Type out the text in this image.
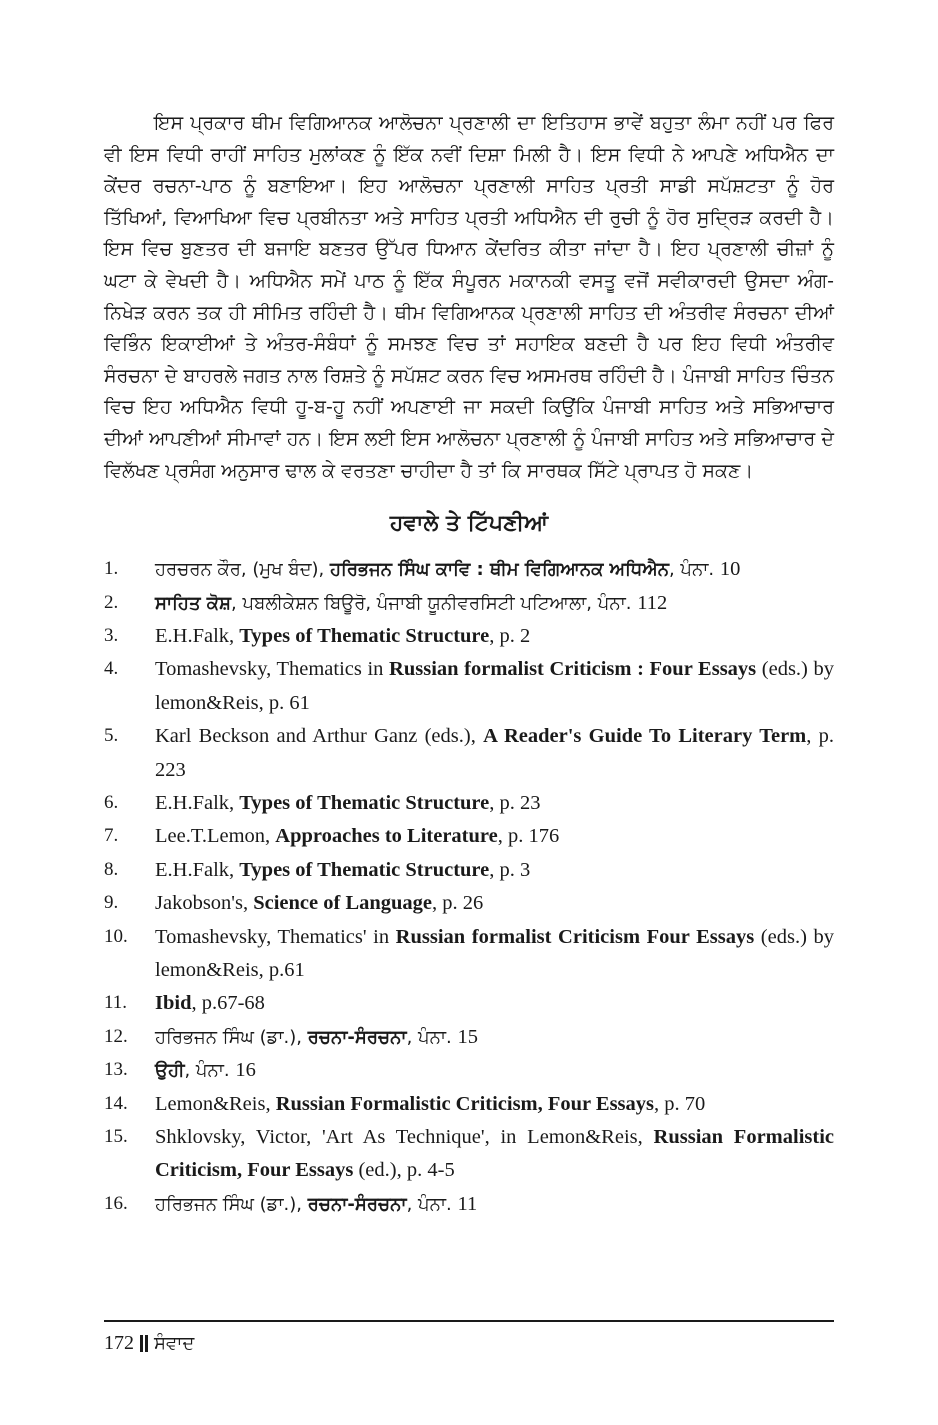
ਇਸ ਪ੍ਰਕਾਰ ਥੀਮ ਵਿਗਿਆਨਕ ਆਲੋਚਨਾ ਪ੍ਰਣਾਲੀ ਦਾ ਇਤਿਹਾਸ ਭਾਵੇਂ ਬਹੁਤਾ ਲੰਮਾ ਨਹੀਂ ਪਰ ਫਿਰ ਵੀ ਇਸ ਵਿਧੀ ਰਾਹੀਂ ਸਾਹਿਤ ਮੁਲਾਂਕਣ ਨੂੰ ਇੱਕ ਨਵੀਂ ਦਿਸ਼ਾ ਮਿਲੀ ਹੈ। ਇਸ ਵਿਧੀ ਨੇ ਆਪਣੇ ਅਧਿਐਨ ਦਾ ਕੇਂਦਰ ਰਚਨਾ-ਪਾਠ ਨੂੰ ਬਣਾਇਆ। ਇਹ ਆਲੋਚਨਾ ਪ੍ਰਣਾਲੀ ਸਾਹਿਤ ਪ੍ਰਤੀ ਸਾਡੀ ਸਪੱਸ਼ਟਤਾ ਨੂੰ ਹੋਰ ਤਿੱਖਿਆਂ, ਵਿਆਖਿਆ ਵਿਚ ਪ੍ਰਬੀਨਤਾ ਅਤੇ ਸਾਹਿਤ ਪ੍ਰਤੀ ਅਧਿਐਨ ਦੀ ਰੁਚੀ ਨੂੰ ਹੋਰ ਸੁਦ੍ਰਿੜ ਕਰਦੀ ਹੈ। ਇਸ ਵਿਚ ਬੁਣਤਰ ਦੀ ਬਜਾਇ ਬਣਤਰ ਉੱਪਰ ਧਿਆਨ ਕੇਂਦਰਿਤ ਕੀਤਾ ਜਾਂਦਾ ਹੈ। ਇਹ ਪ੍ਰਣਾਲੀ ਚੀਜ਼ਾਂ ਨੂੰ ਘਟਾ ਕੇ ਵੇਖਦੀ ਹੈ। ਅਧਿਐਨ ਸਮੇਂ ਪਾਠ ਨੂੰ ਇੱਕ ਸੰਪੂਰਨ ਮਕਾਨਕੀ ਵਸਤੂ ਵਜੋਂ ਸਵੀਕਾਰਦੀ ਉਸਦਾ ਅੰਗ-ਨਿਖੇੜ ਕਰਨ ਤਕ ਹੀ ਸੀਮਿਤ ਰਹਿੰਦੀ ਹੈ। ਥੀਮ ਵਿਗਿਆਨਕ ਪ੍ਰਣਾਲੀ ਸਾਹਿਤ ਦੀ ਅੰਤਰੀਵ ਸੰਰਚਨਾ ਦੀਆਂ ਵਿਭਿੰਨ ਇਕਾਈਆਂ ਤੇ ਅੰਤਰ-ਸੰਬੰਧਾਂ ਨੂੰ ਸਮਝਣ ਵਿਚ ਤਾਂ ਸਹਾਇਕ ਬਣਦੀ ਹੈ ਪਰ ਇਹ ਵਿਧੀ ਅੰਤਰੀਵ ਸੰਰਚਨਾ ਦੇ ਬਾਹਰਲੇ ਜਗਤ ਨਾਲ ਰਿਸ਼ਤੇ ਨੂੰ ਸਪੱਸ਼ਟ ਕਰਨ ਵਿਚ ਅਸਮਰਥ ਰਹਿੰਦੀ ਹੈ। ਪੰਜਾਬੀ ਸਾਹਿਤ ਚਿੰਤਨ ਵਿਚ ਇਹ ਅਧਿਐਨ ਵਿਧੀ ਹੂ-ਬ-ਹੂ ਨਹੀਂ ਅਪਣਾਈ ਜਾ ਸਕਦੀ ਕਿਉਂਕਿ ਪੰਜਾਬੀ ਸਾਹਿਤ ਅਤੇ ਸਭਿਆਚਾਰ ਦੀਆਂ ਆਪਣੀਆਂ ਸੀਮਾਵਾਂ ਹਨ। ਇਸ ਲਈ ਇਸ ਆਲੋਚਨਾ ਪ੍ਰਣਾਲੀ ਨੂੰ ਪੰਜਾਬੀ ਸਾਹਿਤ ਅਤੇ ਸਭਿਆਚਾਰ ਦੇ ਵਿਲੱਖਣ ਪ੍ਰਸੰਗ ਅਨੁਸਾਰ ਢਾਲ ਕੇ ਵਰਤਣਾ ਚਾਹੀਦਾ ਹੈ ਤਾਂ ਕਿ ਸਾਰਥਕ ਸਿੱਟੇ ਪ੍ਰਾਪਤ ਹੋ ਸਕਣ।

ਹਵਾਲੇ ਤੇ ਟਿੱਪਣੀਆਂ
1. ਹਰਚਰਨ ਕੌਰ, (ਮੁਖ ਬੰਦ), ਹਰਿਭਜਨ ਸਿੰਘ ਕਾਵਿ : ਥੀਮ ਵਿਗਿਆਨਕ ਅਧਿਐਨ, ਪੰਨਾ. 10
2. ਸਾਹਿਤ ਕੋਸ਼, ਪਬਲੀਕੇਸ਼ਨ ਬਿਊਰੋ, ਪੰਜਾਬੀ ਯੂਨੀਵਰਸਿਟੀ ਪਟਿਆਲਾ, ਪੰਨਾ. 112
3. E.H.Falk, Types of Thematic Structure, p. 2
4. Tomashevsky, Thematics in Russian formalist Criticism : Four Essays (eds.) by lemon&Reis, p. 61
5. Karl Beckson and Arthur Ganz (eds.), A Reader's Guide To Literary Term, p. 223
6. E.H.Falk, Types of Thematic Structure, p. 23
7. Lee.T.Lemon, Approaches to Literature, p. 176
8. E.H.Falk, Types of Thematic Structure, p. 3
9. Jakobson's, Science of Language, p. 26
10. Tomashevsky, Thematics' in Russian formalist Criticism Four Essays (eds.) by lemon&Reis, p.61
11. Ibid, p.67-68
12. ਹਰਿਭਜਨ ਸਿੰਘ (ਡਾ.), ਰਚਨਾ-ਸੰਰਚਨਾ, ਪੰਨਾ. 15
13. ਉਹੀ, ਪੰਨਾ. 16
14. Lemon&Reis, Russian Formalistic Criticism, Four Essays, p. 70
15. Shklovsky, Victor, 'Art As Technique', in Lemon&Reis, Russian Formalistic Criticism, Four Essays (ed.), p. 4-5
16. ਹਰਿਭਜਨ ਸਿੰਘ (ਡਾ.), ਰਚਨਾ-ਸੰਰਚਨਾ, ਪੰਨਾ. 11
172 ਸੰਵਾਦ
